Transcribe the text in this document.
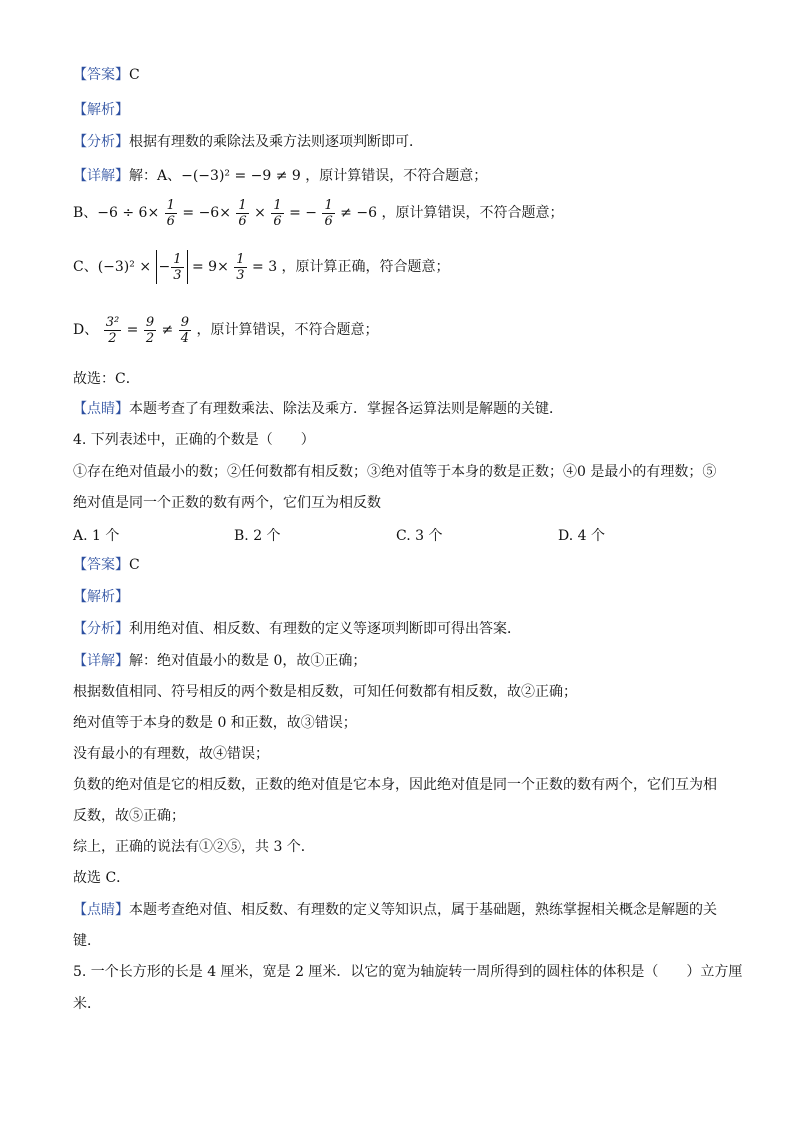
【答案】C
【解析】
【分析】根据有理数的乘除法及乘方法则逐项判断即可．
【详解】解：A、−(−3)² = −9 ≠ 9 ，原计算错误，不符合题意；
B、$-6 \div 6\times \frac{1}{6} = -6\times \frac{1}{6} \times \frac{1}{6}$ = − $\frac{1}{6} \ne -6$ ，原计算错误，不符合题意；
C、(−3)² × − $\frac{1}{3} = 9\times \frac{1}{3} = 3$ ，原计算正确，符合题意；
D、 $\frac{\text{3²}}{2} = \frac{9}{2} \ne \frac{9}{4}$ ，原计算错误，不符合题意；
故选：C．
【点睛】本题考查了有理数乘法、除法及乘方．掌握各运算法则是解题的关键．
4. 下列表述中，正确的个数是（　　）
①存在绝对值最小的数；②任何数都有相反数；③绝对值等于本身的数是正数；④0 是最小的有理数；⑤
绝对值是同一个正数的数有两个，它们互为相反数
A. 1 个	B. 2 个	C. 3 个	D. 4 个
【答案】C
【解析】
【分析】利用绝对值、相反数、有理数的定义等逐项判断即可得出答案．
【详解】解：绝对值最小的数是 0，故①正确；
根据数值相同、符号相反的两个数是相反数，可知任何数都有相反数，故②正确；
绝对值等于本身的数是 0 和正数，故③错误；
没有最小的有理数，故④错误；
负数的绝对值是它的相反数，正数的绝对值是它本身，因此绝对值是同一个正数的数有两个，它们互为相
反数，故⑤正确；
综上，正确的说法有①②⑤，共 3 个．
故选 C．
【点睛】本题考查绝对值、相反数、有理数的定义等知识点，属于基础题，熟练掌握相关概念是解题的关
键．
5. 一个长方形的长是 4 厘米，宽是 2 厘米．以它的宽为轴旋转一周所得到的圆柱体的体积是（　　）立方厘
米．
